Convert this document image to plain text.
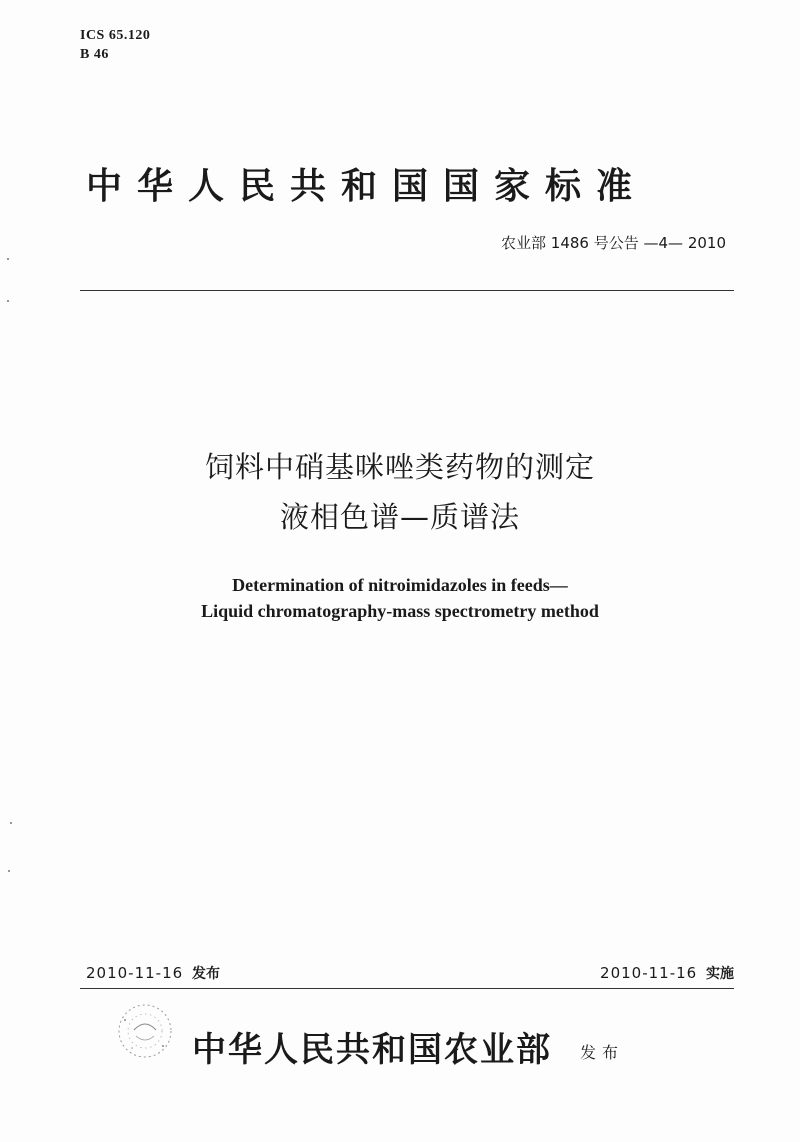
ICS 65.120
B 46
中华人民共和国国家标准
农业部 1486 号公告 —4— 2010
饲料中硝基咪唑类药物的测定
液相色谱—质谱法
Determination of nitroimidazoles in feeds—
Liquid chromatography-mass spectrometry method
2010-11-16 发布	2010-11-16 实施
中华人民共和国农业部 发布
